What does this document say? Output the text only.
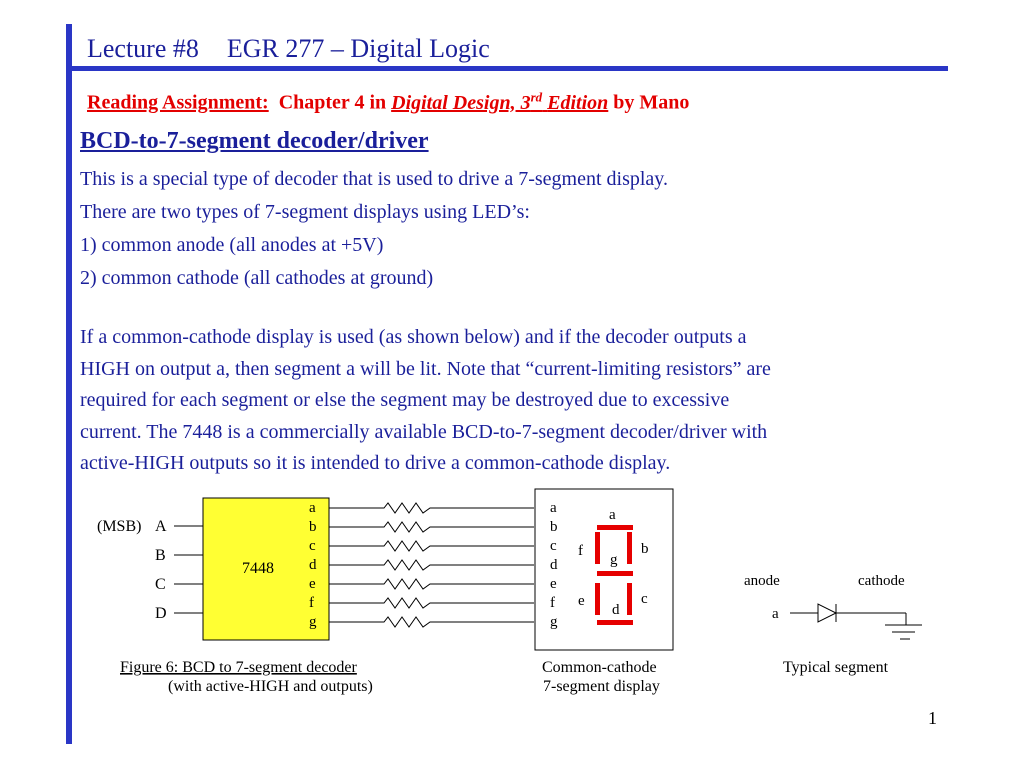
Lecture #8 EGR 277 – Digital Logic
Reading Assignment: Chapter 4 in Digital Design, 3rd Edition by Mano
BCD-to-7-segment decoder/driver
This is a special type of decoder that is used to drive a 7-segment display.
There are two types of 7-segment displays using LED’s:
1) common anode (all anodes at +5V)
2) common cathode (all cathodes at ground)
If a common-cathode display is used (as shown below) and if the decoder outputs a
HIGH on output a, then segment a will be lit. Note that “current-limiting resistors” are
required for each segment or else the segment may be destroyed due to excessive
current. The 7448 is a commercially available BCD-to-7-segment decoder/driver with
active-HIGH outputs so it is intended to drive a common-cathode display.
7448
(MSB) A
B
C
D
a
b
c
d
e
f
g
a
b
c
d
e
f
g
a
b
c
d
e
f
g
anode	cathode
a
Figure 6: BCD to 7-segment decoder
(with active-HIGH and outputs)
Common-cathode
7-segment display
Typical segment
1
